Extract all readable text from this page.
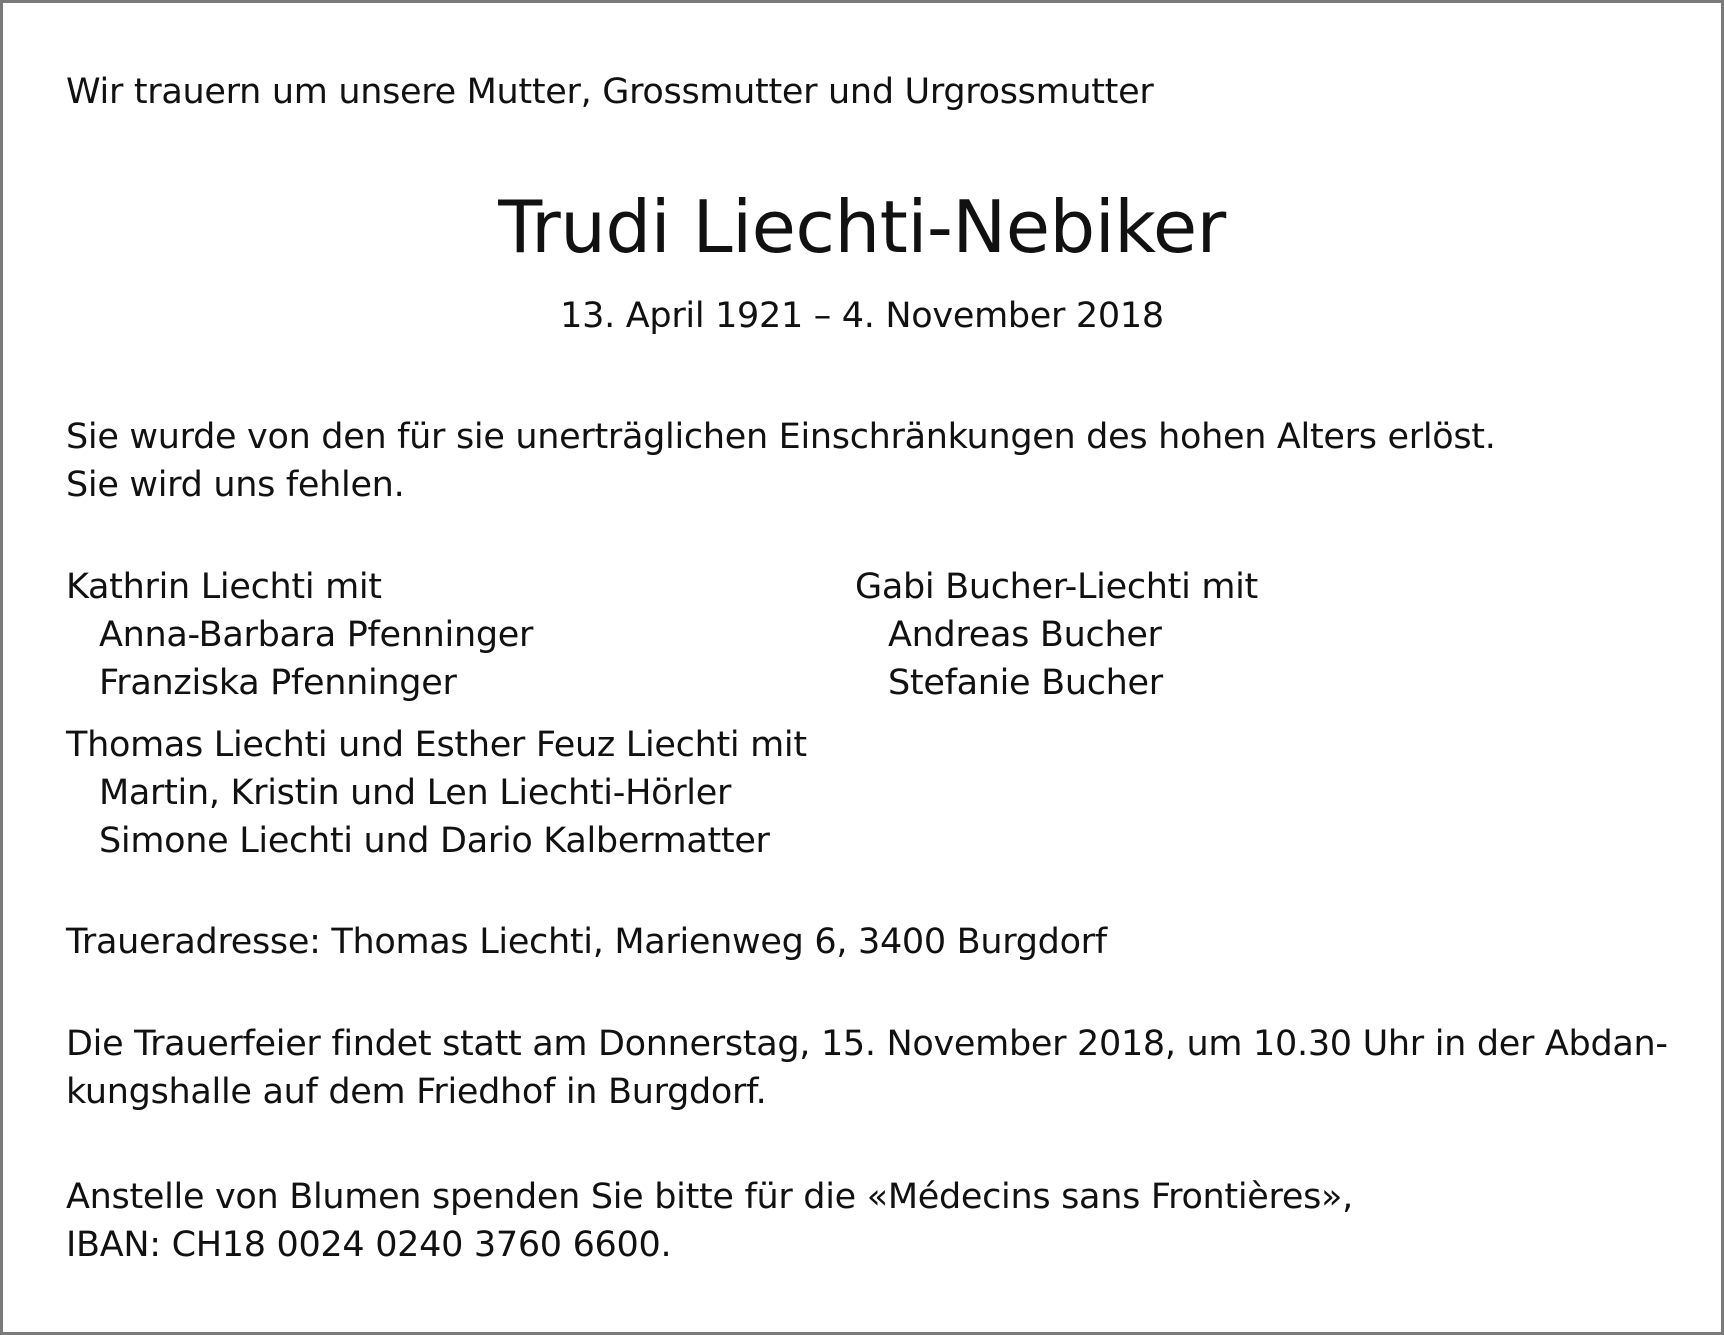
Wir trauern um unsere Mutter, Grossmutter und Urgrossmutter
Trudi Liechti-Nebiker
13. April 1921 – 4. November 2018
Sie wurde von den für sie unerträglichen Einschränkungen des hohen Alters erlöst.
Sie wird uns fehlen.
Kathrin Liechti mit
Anna-Barbara Pfenninger
Franziska Pfenninger
Gabi Bucher-Liechti mit
Andreas Bucher
Stefanie Bucher
Thomas Liechti und Esther Feuz Liechti mit
Martin, Kristin und Len Liechti-Hörler
Simone Liechti und Dario Kalbermatter
Traueradresse: Thomas Liechti, Marienweg 6, 3400 Burgdorf
Die Trauerfeier findet statt am Donnerstag, 15. November 2018, um 10.30 Uhr in der Abdan-
kungshalle auf dem Friedhof in Burgdorf.
Anstelle von Blumen spenden Sie bitte für die «Médecins sans Frontières»,
IBAN: CH18 0024 0240 3760 6600.
